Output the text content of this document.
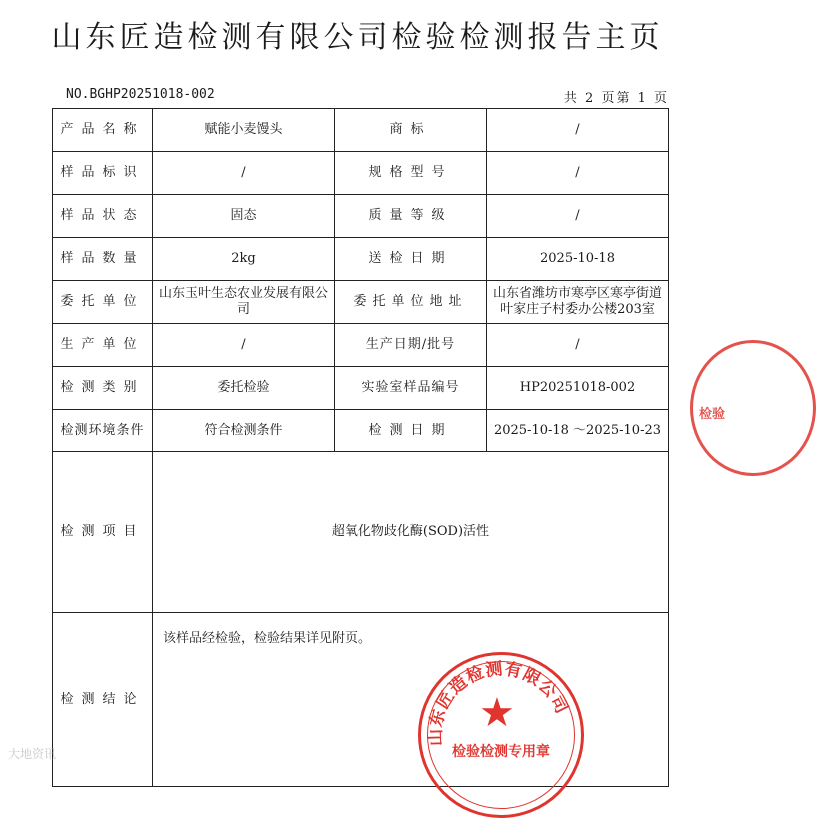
山东匠造检测有限公司检验检测报告主页
NO.BGHP20251018-002	共 2 页第 1 页
产品名称	赋能小麦馒头	商标	/
样品标识	/	规格型号	/
样品状态	固态	质量等级	/
样品数量	2kg	送检日期	2025-10-18
委托单位	山东玉叶生态农业发展有限公司	委托单位地址	山东省潍坊市寒亭区寒亭街道叶家庄子村委办公楼203室
生产单位	/	生产日期/批号	/
检测类别	委托检验	实验室样品编号	HP20251018-002
检测环境条件	符合检测条件	检测日期	2025-10-18 ～2025-10-23
检测项目	超氧化物歧化酶(SOD)活性		
检测结论	该样品经检验，检验结果详见附页。		
山东匠造检测有限公司
★
检验检测专用章
检验
大地资讯
